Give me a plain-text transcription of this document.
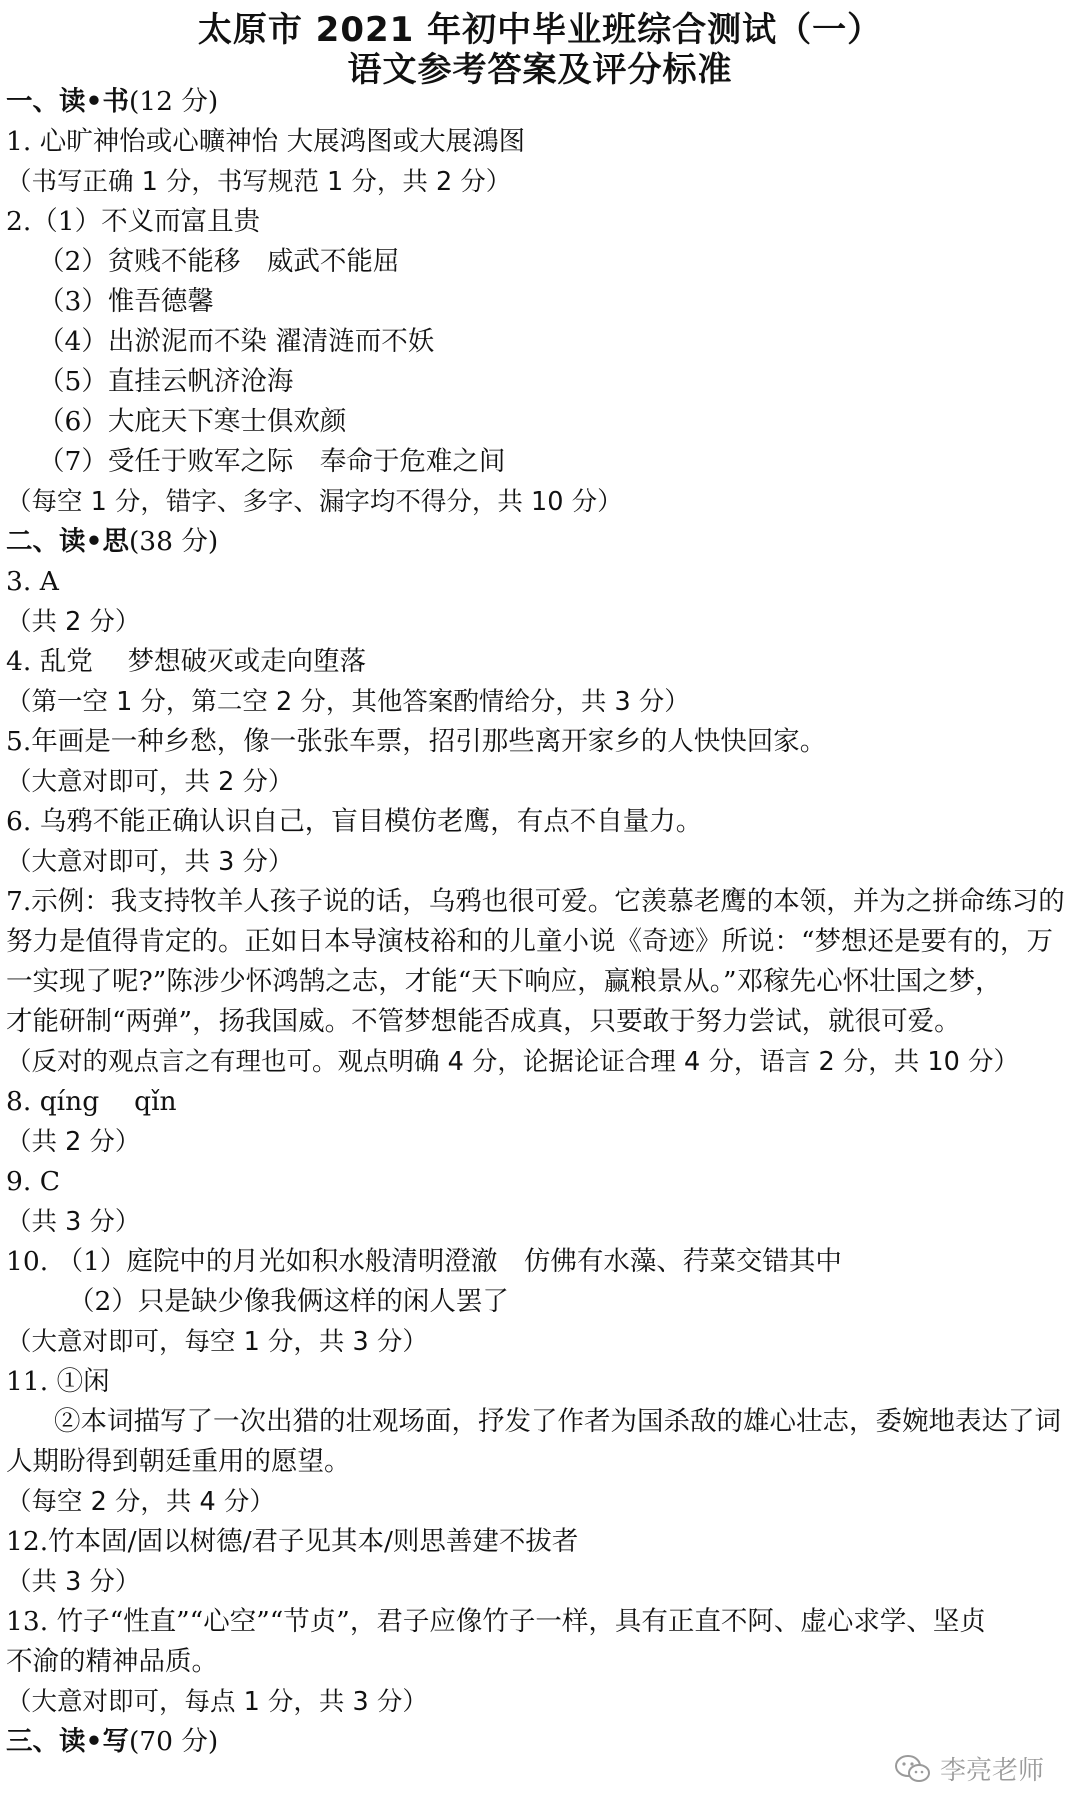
太原市 2021 年初中毕业班综合测试（一）
语文参考答案及评分标准
一、读•书(12 分)
1. 心旷神怡或心曠神怡 大展鸿图或大展鴻图
（书写正确 1 分，书写规范 1 分，共 2 分）
2.（1）不义而富且贵
（2）贫贱不能移　威武不能屈
（3）惟吾德馨
（4）出淤泥而不染 濯清涟而不妖
（5）直挂云帆济沧海
（6）大庇天下寒士俱欢颜
（7）受任于败军之际　奉命于危难之间
（每空 1 分，错字、多字、漏字均不得分，共 10 分）
二、读•思(38 分)
3. A
（共 2 分）
4. 乱党　 梦想破灭或走向堕落
（第一空 1 分，第二空 2 分，其他答案酌情给分，共 3 分）
5.年画是一种乡愁，像一张张车票，招引那些离开家乡的人快快回家。
（大意对即可，共 2 分）
6. 乌鸦不能正确认识自己，盲目模仿老鹰，有点不自量力。
（大意对即可，共 3 分）
7.示例：我支持牧羊人孩子说的话，乌鸦也很可爱。它羡慕老鹰的本领，并为之拼命练习的
努力是值得肯定的。正如日本导演枝裕和的儿童小说《奇迹》所说：“梦想还是要有的，万
一实现了呢?”陈涉少怀鸿鹄之志，才能“天下响应，赢粮景从。”邓稼先心怀壮国之梦，
才能研制“两弹”，扬我国威。不管梦想能否成真，只要敢于努力尝试，就很可爱。
（反对的观点言之有理也可。观点明确 4 分，论据论证合理 4 分，语言 2 分，共 10 分）
8. qíng　 qǐn
（共 2 分）
9. C
（共 3 分）
10. （1）庭院中的月光如积水般清明澄澈　仿佛有水藻、荇菜交错其中
（2）只是缺少像我俩这样的闲人罢了
（大意对即可，每空 1 分，共 3 分）
11. ①闲
②本词描写了一次出猎的壮观场面，抒发了作者为国杀敌的雄心壮志，委婉地表达了词
人期盼得到朝廷重用的愿望。
（每空 2 分，共 4 分）
12.竹本固/固以树德/君子见其本/则思善建不拔者
（共 3 分）
13. 竹子“性直”“心空”“节贞”，君子应像竹子一样，具有正直不阿、虚心求学、坚贞
不渝的精神品质。
（大意对即可，每点 1 分，共 3 分）
三、读•写(70 分)
李亮老师
